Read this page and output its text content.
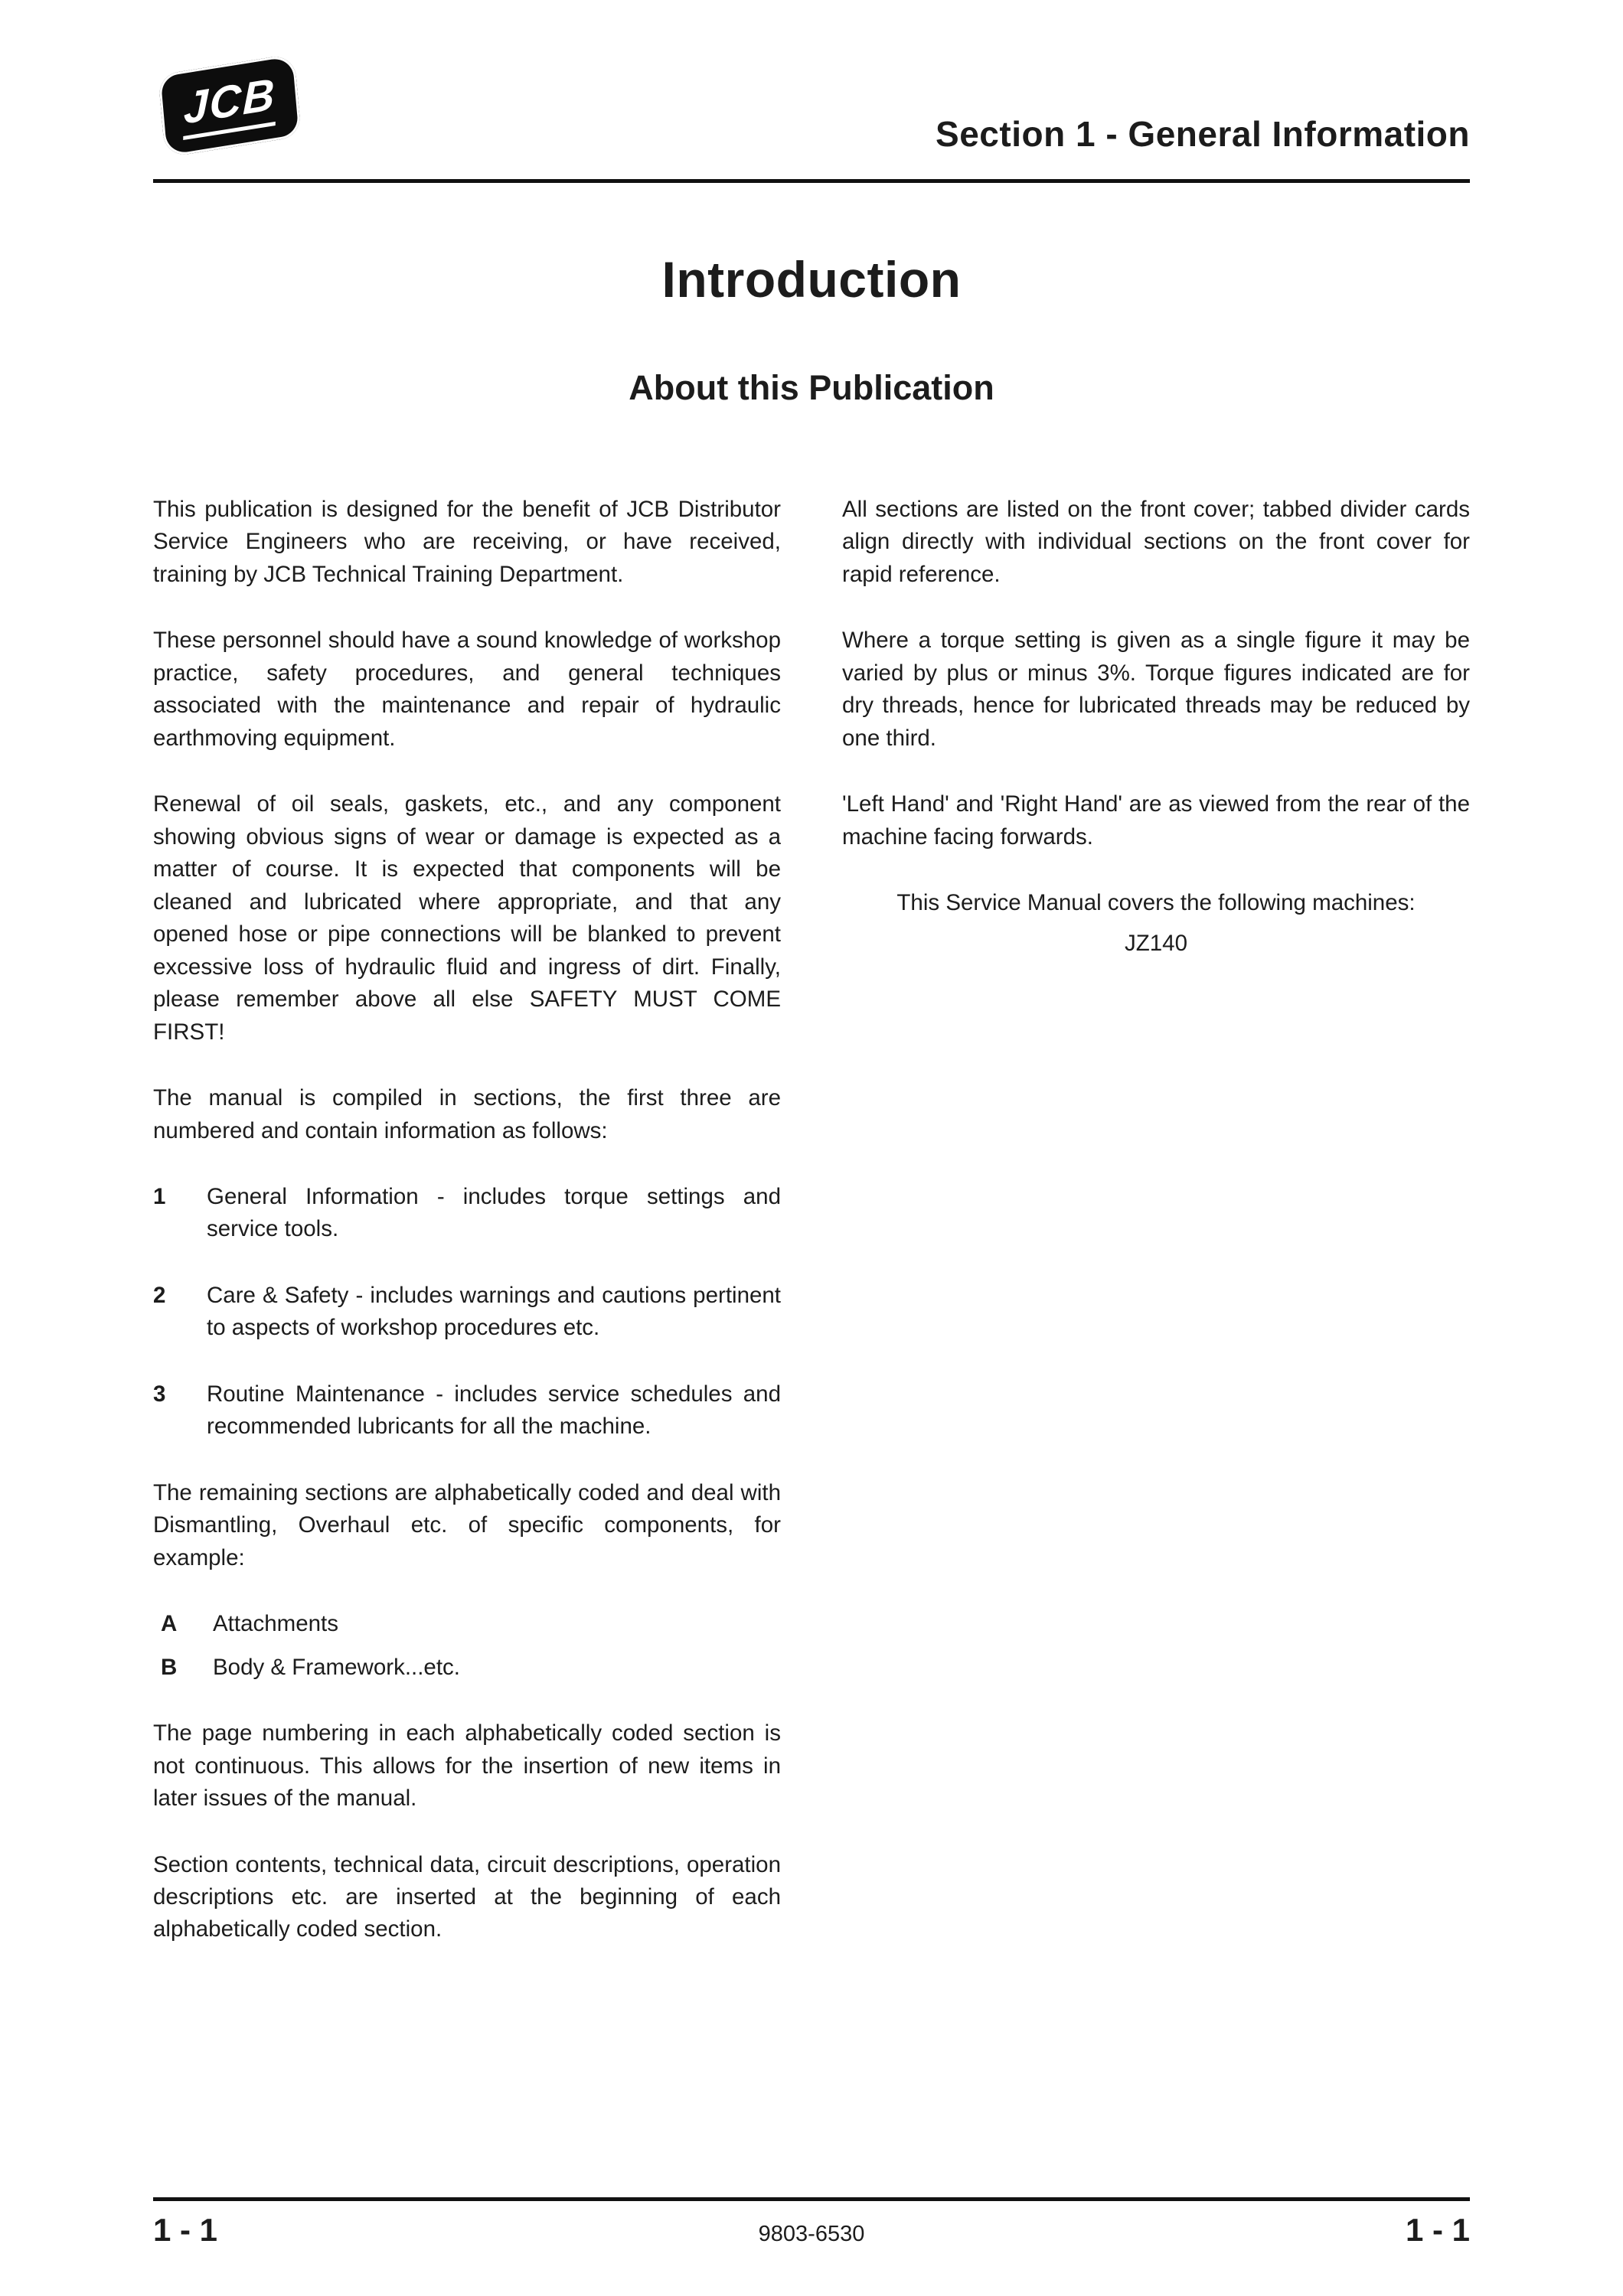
JCB
Section 1 - General Information
Introduction
About this Publication

This publication is designed for the benefit of JCB Distributor Service Engineers who are receiving, or have received, training by JCB Technical Training Department.

These personnel should have a sound knowledge of workshop practice, safety procedures, and general techniques associated with the maintenance and repair of hydraulic earthmoving equipment.

Renewal of oil seals, gaskets, etc., and any component showing obvious signs of wear or damage is expected as a matter of course. It is expected that components will be cleaned and lubricated where appropriate, and that any opened hose or pipe connections will be blanked to prevent excessive loss of hydraulic fluid and ingress of dirt. Finally, please remember above all else SAFETY MUST COME FIRST!

The manual is compiled in sections, the first three are numbered and contain information as follows:

1	General Information - includes torque settings and service tools.
2	Care & Safety - includes warnings and cautions pertinent to aspects of workshop procedures etc.
3	Routine Maintenance - includes service schedules and recommended lubricants for all the machine.

The remaining sections are alphabetically coded and deal with Dismantling, Overhaul etc. of specific components, for example:

A	Attachments
B	Body & Framework...etc.

The page numbering in each alphabetically coded section is not continuous. This allows for the insertion of new items in later issues of the manual.

Section contents, technical data, circuit descriptions, operation descriptions etc. are inserted at the beginning of each alphabetically coded section.

All sections are listed on the front cover; tabbed divider cards align directly with individual sections on the front cover for rapid reference.

Where a torque setting is given as a single figure it may be varied by plus or minus 3%. Torque figures indicated are for dry threads, hence for lubricated threads may be reduced by one third.

'Left Hand' and 'Right Hand' are as viewed from the rear of the machine facing forwards.

This Service Manual covers the following machines:

JZ140

1 - 1	9803-6530	1 - 1
